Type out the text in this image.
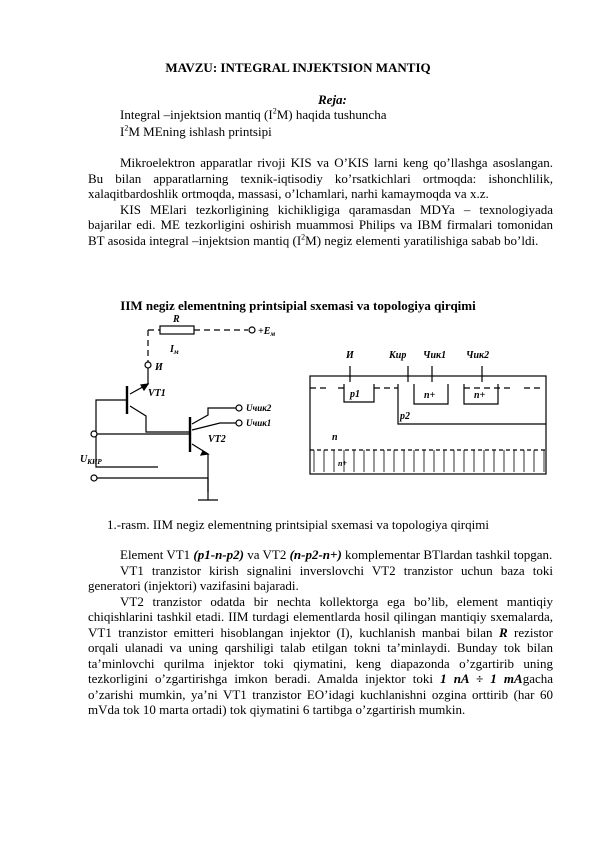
MAVZU: INTEGRAL INJEKTSION MANTIQ
Reja:
Integral –injektsion mantiq $(I^2M)$ haqida tushuncha
$I^2M$ MEning ishlash printsipi

Mikroelektron apparatlar rivoji KIS va O’KIS larni keng qo’llashga asoslangan. Bu bilan apparatlarning texnik-iqtisodiy ko’rsatkichlari ortmoqda: ishonchlilik, xalaqitbardoshlik ortmoqda, massasi, o’lchamlari, narhi kamaymoqda va x.z.

KIS MElari tezkorligining kichikligiga qaramasdan MDYa – texnologiyada bajarilar edi. ME tezkorligini oshirish muammosi Philips va IBM firmalari tomonidan BT asosida integral –injektsion mantiq $(I^2M)$ negiz elementi yaratilishiga sabab bo’ldi.

IIM negiz elementning printsipial sxemasi va topologiya qirqimi
R
$+E_м$
$I_м$
И
VT1
VT2
Uчик2
Uчик1
$U_{КИР}$
И	Кир Чик1 Чик2
p1
p2
n+	n+
n
n+
1.-rasm. IIM negiz elementning printsipial sxemasi va topologiya qirqimi

Element VT1 (p1-n-p2) va VT2 (n-p2-n+) komplementar BTlardan tashkil topgan.

VT1 tranzistor kirish signalini inverslovchi VT2 tranzistor uchun baza toki generatori (injektori) vazifasini bajaradi.

VT2 tranzistor odatda bir nechta kollektorga ega bo’lib, element mantiqiy chiqishlarini tashkil etadi. IIM turdagi elementlarda hosil qilingan mantiqiy sxemalarda, VT1 tranzistor emitteri hisoblangan injektor (I), kuchlanish manbai bilan R rezistor orqali ulanadi va uning qarshiligi talab etilgan tokni ta’minlaydi. Bunday tok bilan ta’minlovchi qurilma injektor toki qiymatini, keng diapazonda o’zgartirib uning tezkorligini o’zgartirishga imkon beradi. Amalda injektor toki 1 nA ÷ 1 mAgacha o’zarishi mumkin, ya’ni VT1 tranzistor EO’idagi kuchlanishni ozgina orttirib (har 60 mVda tok 10 marta ortadi) tok qiymatini 6 tartibga o’zgartirish mumkin.
